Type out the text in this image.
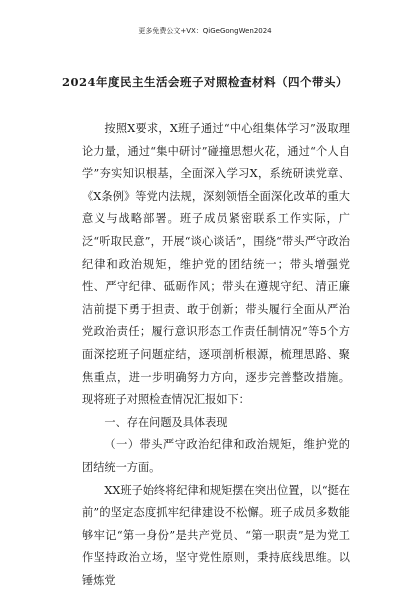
更多免费公文+VX：QiGeGongWen2024
2024年度民主生活会班子对照检查材料（四个带头）

按照X要求，X班子通过“中心组集体学习”汲取理论力量，通过“集中研讨”碰撞思想火花，通过“个人自学”夯实知识根基，全面深入学习X，系统研读党章、《X条例》等党内法规，深刻领悟全面深化改革的重大意义与战略部署。班子成员紧密联系工作实际，广泛“听取民意”，开展“谈心谈话”，围绕“带头严守政治纪律和政治规矩，维护党的团结统一；带头增强党性、严守纪律、砥砺作风；带头在遵规守纪、清正廉洁前提下勇于担责、敢于创新；带头履行全面从严治党政治责任；履行意识形态工作责任制情况”等5个方面深挖班子问题症结，逐项剖析根源，梳理思路、聚焦重点，进一步明确努力方向，逐步完善整改措施。现将班子对照检查情况汇报如下：

一、存在问题及具体表现

（一）带头严守政治纪律和政治规矩，维护党的团结统一方面。

XX班子始终将纪律和规矩摆在突出位置，以“挺在前”的坚定态度抓牢纪律建设不松懈。班子成员多数能够牢记“第一身份”是共产党员、“第一职责”是为党工作坚持政治立场，坚守党性原则，秉持底线思维。以锤炼党
